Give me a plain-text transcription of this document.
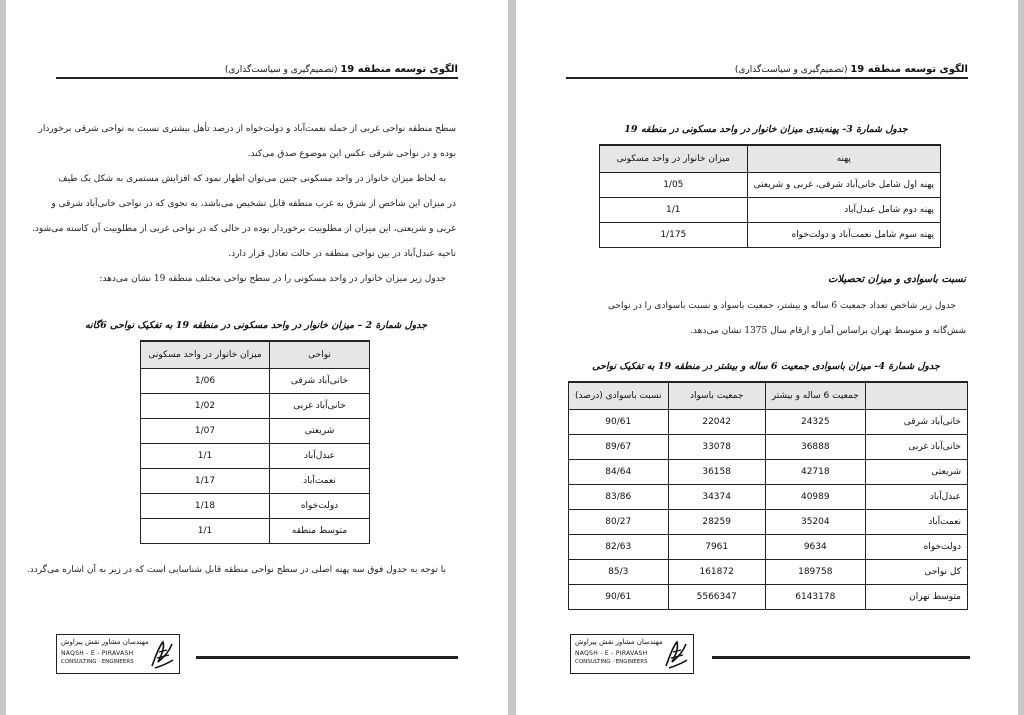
الگوی توسعه منطقه 19 (تصمیم‌گیری و سیاست‌گذاری)
سطح منطقه نواحی غربی از جمله نعمت‌آباد و دولت‌خواه از درصد تأهل بیشتری نسبت به نواحی شرقی برخوردار
بوده و در نواحی شرقی عکس این موضوع صدق می‌کند.
به لحاظ میزان خانوار در واحد مسکونی چنین می‌توان اظهار نمود که افزایش مستمری به شکل یک طیف
در میزان این شاخص از شرق به غرب منطقه قابل تشخیص می‌باشد، به نحوی که در نواحی خانی‌آباد شرقی و
غربی و شریعتی، این میزان از مطلوبیت برخوردار بوده در حالی که در نواحی غربی از مطلوبیت آن کاسته می‌شود.
ناحیه عبدل‌آباد در بین نواحی منطقه در حالت تعادل قرار دارد.
جدول زیر میزان خانوار در واحد مسکونی را در سطح نواحی مختلف منطقه 19 نشان می‌دهد:
جدول شمارة 2 – میزان خانوار در واحد مسکونی در منطقه 19 به تفکیک نواحی 6گانه
نواحی	میزان خانوار در واحد مسکونی
خانی‌آباد شرقی	1/06
خانی‌آباد غربی	1/02
شریعتی	1/07
عبدل‌آباد	1/1
نعمت‌آباد	1/17
دولت‌خواه	1/18
متوسط منطقه	1/1
با توجه به جدول فوق سه پهنه اصلی در سطح نواحی منطقه قابل شناسایی است که در زیر به آن اشاره می‌گردد.
مهندسان مشاور نقش پیراوش
NAQSH - E - PIRAVASH
CONSULTING · ENGINEERS
الگوی توسعه منطقه 19 (تصمیم‌گیری و سیاست‌گذاری)
جدول شمارة 3- پهنه‌بندی میزان خانوار در واحد مسکونی در منطقه 19
پهنه	میزان خانوار در واحد مسکونی
پهنه اول شامل خانی‌آباد شرقی، غربی و شریعتی	1/05
پهنه دوم شامل عبدل‌آباد	1/1
پهنه سوم شامل نعمت‌آباد و دولت‌خواه	1/175
نسبت باسوادی و میزان تحصیلات
جدول زیر شاخص تعداد جمعیت 6 ساله و بیشتر، جمعیت باسواد و نسبت باسوادی را در نواحی
شش‌گانه و متوسط تهران براساس آمار و ارقام سال 1375 نشان می‌دهد.
جدول شمارة 4- میزان باسوادی جمعیت 6 ساله و بیشتر در منطقه 19 به تفکیک نواحی
	جمعیت 6 ساله و بیشتر	جمعیت باسواد	نسبت باسوادی (درصد)
خانی‌آباد شرقی	24325	22042	90/61
خانی‌آباد غربی	36888	33078	89/67
شریعتی	42718	36158	84/64
عبدل‌آباد	40989	34374	83/86
نعمت‌آباد	35204	28259	80/27
دولت‌خواه	9634	7961	82/63
کل نواحی	189758	161872	85/3
متوسط تهران	6143178	5566347	90/61
مهندسان مشاور نقش پیراوش
NAQSH - E - PIRAVASH
CONSULTING · ENGINEERS
